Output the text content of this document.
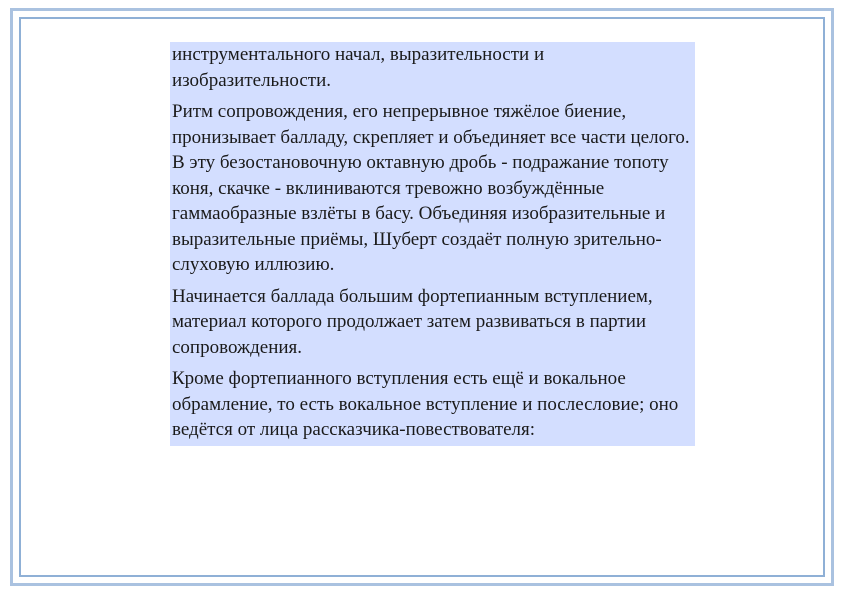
инструментального начал, выразительности и изобразительности.

Ритм сопровождения, его непрерывное тяжёлое биение, пронизывает балладу, скрепляет и объединяет все части целого. В эту безостановочную октавную дробь - подражание топоту коня, скачке - вклиниваются тревожно возбуждённые гаммаобразные взлёты в басу. Объединяя изобразительные и выразительные приёмы, Шуберт создаёт полную зрительно-слуховую иллюзию.

Начинается баллада большим фортепианным вступлением, материал которого продолжает затем развиваться в партии сопровождения.

Кроме фортепианного вступления есть ещё и вокальное обрамление, то есть вокальное вступление и послесловие; оно ведётся от лица рассказчика-повествователя:
